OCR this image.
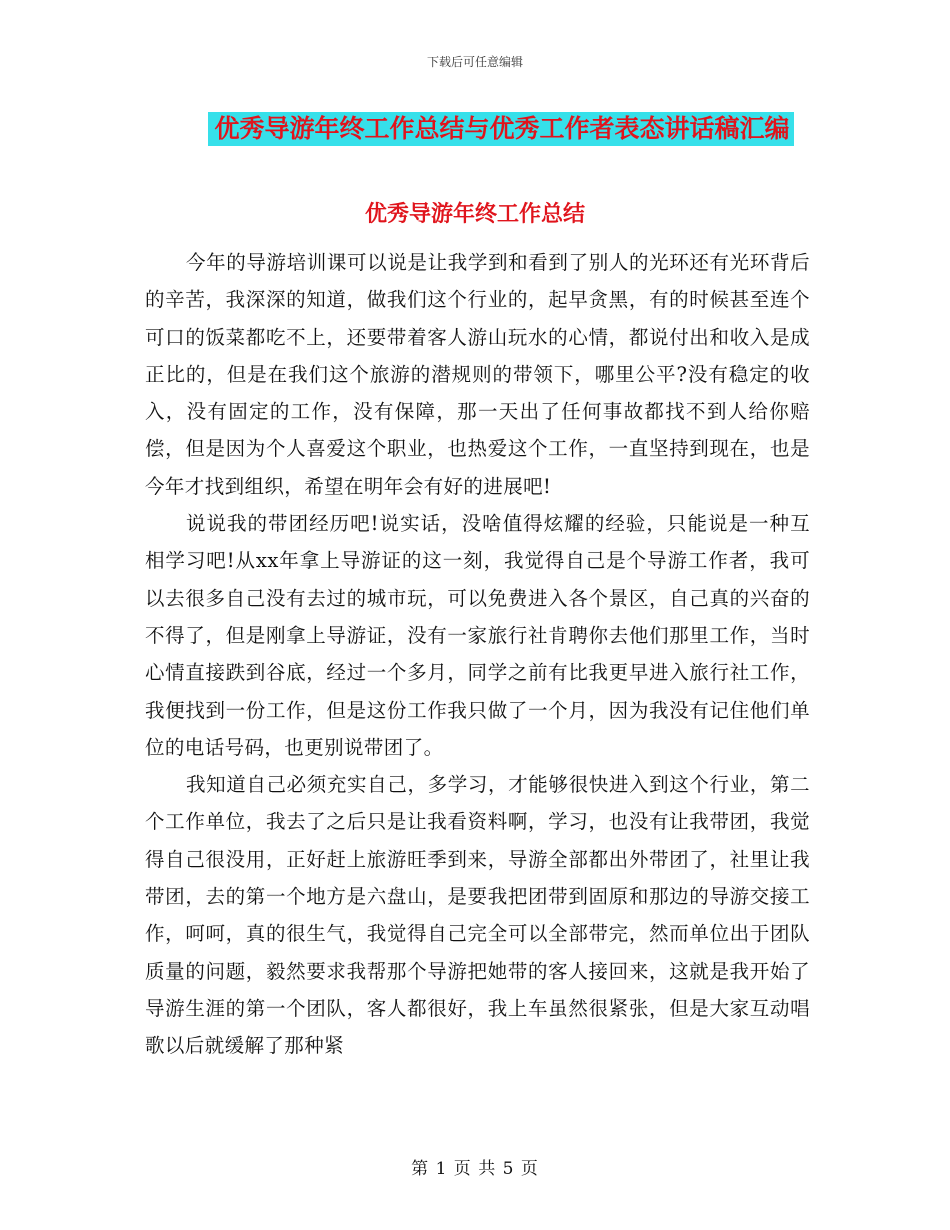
下载后可任意编辑
优秀导游年终工作总结与优秀工作者表态讲话稿汇编
优秀导游年终工作总结

今年的导游培训课可以说是让我学到和看到了别人的光环还有光环背后的辛苦，我深深的知道，做我们这个行业的，起早贪黑，有的时候甚至连个可口的饭菜都吃不上，还要带着客人游山玩水的心情，都说付出和收入是成正比的，但是在我们这个旅游的潜规则的带领下，哪里公平?没有稳定的收入，没有固定的工作，没有保障，那一天出了任何事故都找不到人给你赔偿，但是因为个人喜爱这个职业，也热爱这个工作，一直坚持到现在，也是今年才找到组织，希望在明年会有好的进展吧!

说说我的带团经历吧!说实话，没啥值得炫耀的经验，只能说是一种互相学习吧!从xx年拿上导游证的这一刻，我觉得自己是个导游工作者，我可以去很多自己没有去过的城市玩，可以免费进入各个景区，自己真的兴奋的不得了，但是刚拿上导游证，没有一家旅行社肯聘你去他们那里工作，当时心情直接跌到谷底，经过一个多月，同学之前有比我更早进入旅行社工作，我便找到一份工作，但是这份工作我只做了一个月，因为我没有记住他们单位的电话号码，也更别说带团了。

我知道自己必须充实自己，多学习，才能够很快进入到这个行业，第二个工作单位，我去了之后只是让我看资料啊，学习，也没有让我带团，我觉得自己很没用，正好赶上旅游旺季到来，导游全部都出外带团了，社里让我带团，去的第一个地方是六盘山，是要我把团带到固原和那边的导游交接工作，呵呵，真的很生气，我觉得自己完全可以全部带完，然而单位出于团队质量的问题，毅然要求我帮那个导游把她带的客人接回来，这就是我开始了导游生涯的第一个团队，客人都很好，我上车虽然很紧张，但是大家互动唱歌以后就缓解了那种紧

第 1 页 共 5 页
